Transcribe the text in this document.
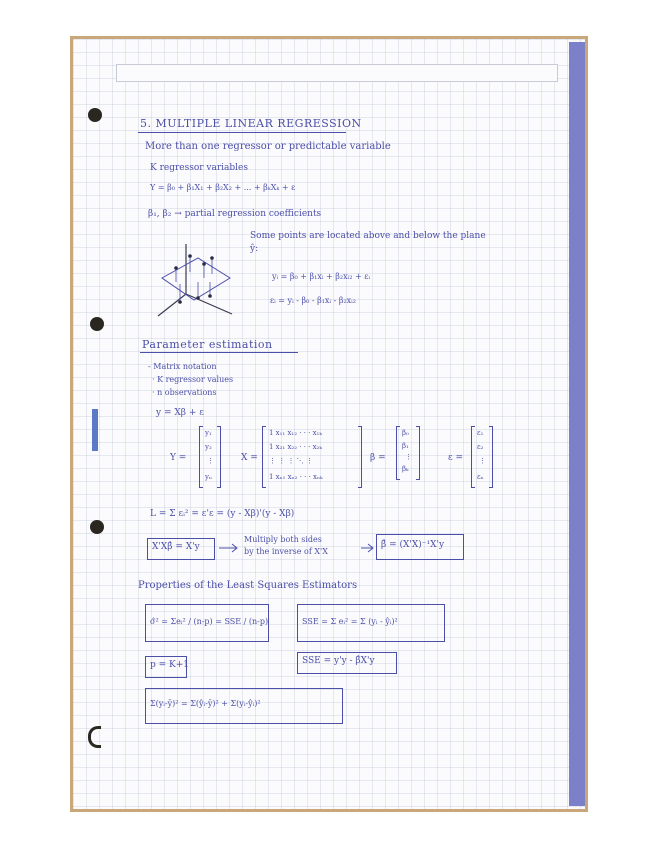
5. MULTIPLE LINEAR REGRESSION
More than one regressor or predictable variable
K regressor variables
Y = β₀ + β₁X₁ + β₂X₂ + ... + βₖXₖ + ε
β₁, β₂ → partial regression coefficients
Some points are located above and below the plane ŷ:
yᵢ = β₀ + β₁xᵢ + β₂xᵢ₂ + εᵢ
εᵢ = yᵢ - β₀ - β₁xᵢ - β₂xᵢ₂
Parameter estimation
- Matrix notation
· K regressor values
· n observations
y = Xβ + ε
Y =
y₁
y₂
⋮
yₙ
X =
1 x₁₁ x₁₂ · · · x₁ₖ
1 x₂₁ x₂₂ · · · x₂ₖ
⋮ ⋮ ⋮ ⋱ ⋮
1 xₙ₁ xₙ₂ · · · xₙₖ
β =
β₀
β₁
⋮
βₖ
ε =
ε₁
ε₂
⋮
εₙ
L = Σ εᵢ² = ε'ε = (y - Xβ)'(y - Xβ)
X'Xβ̂ = X'y
Multiply both sides
by the inverse of X'X
β̂ = (X'X)⁻¹X'y
Properties of the Least Squares Estimators
σ̂² = Σeᵢ² / (n-p) = SSE / (n-p)	SSE = Σ eᵢ² = Σ (yᵢ - ŷᵢ)²
p = K+1	SSE = y'y - β̂X'y
Σ(yᵢ-ȳ)² = Σ(ŷᵢ-ȳ)² + Σ(yᵢ-ŷᵢ)²
